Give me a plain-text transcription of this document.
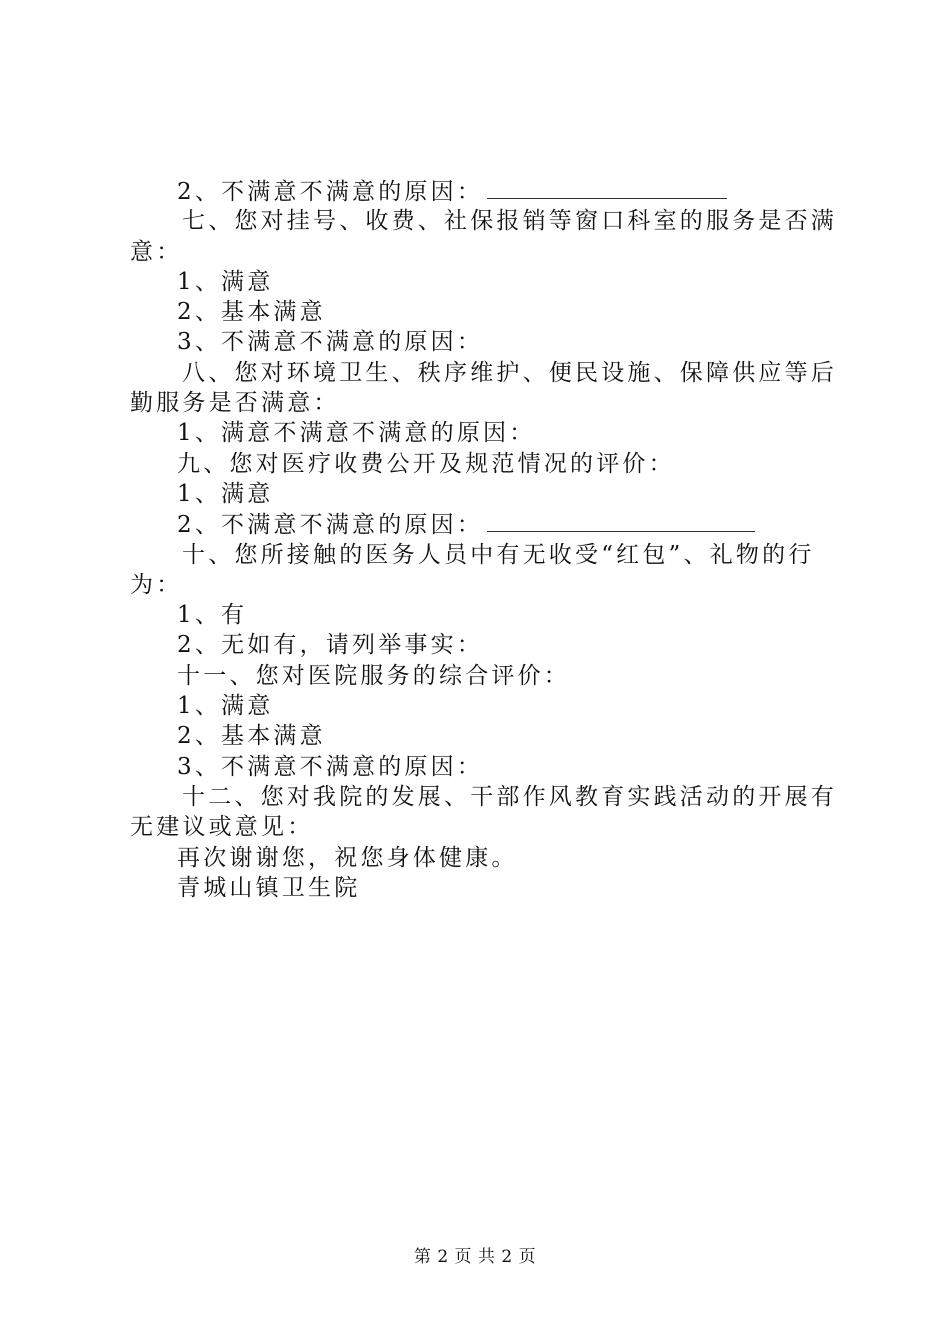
2、不满意不满意的原因：
七、您对挂号、收费、社保报销等窗口科室的服务是否满
意：
1、满意
2、基本满意
3、不满意不满意的原因：
八、您对环境卫生、秩序维护、便民设施、保障供应等后
勤服务是否满意：
1、满意不满意不满意的原因：
九、您对医疗收费公开及规范情况的评价：
1、满意
2、不满意不满意的原因：
十、您所接触的医务人员中有无收受“红包”、礼物的行
为：
1、有
2、无如有，请列举事实：
十一、您对医院服务的综合评价：
1、满意
2、基本满意
3、不满意不满意的原因：
十二、您对我院的发展、干部作风教育实践活动的开展有
无建议或意见：
再次谢谢您，祝您身体健康。
青城山镇卫生院
第 2 页 共 2 页
